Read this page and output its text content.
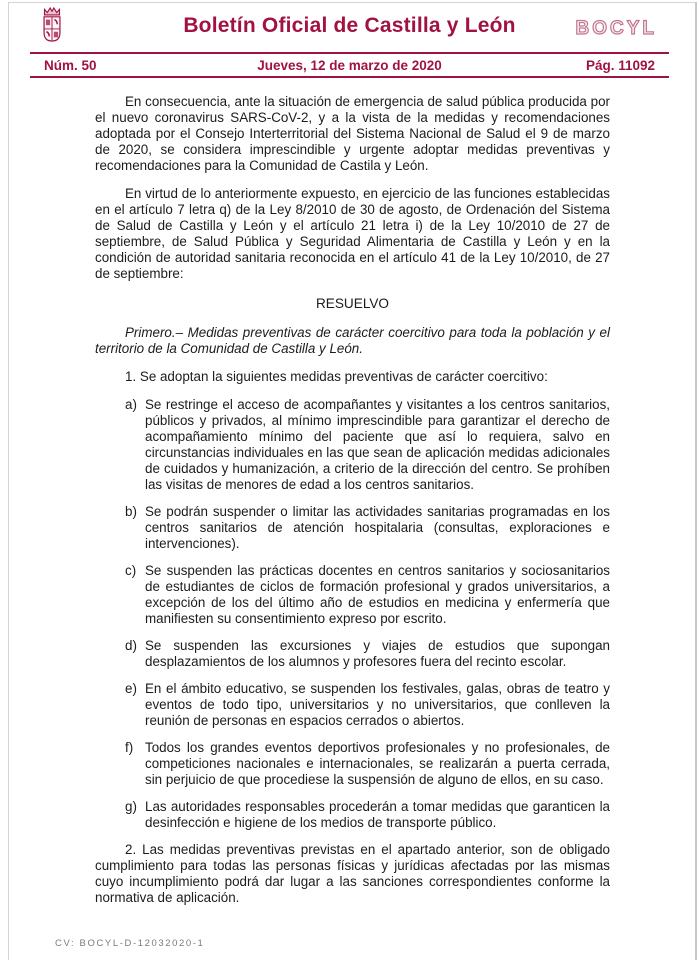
Boletín Oficial de Castilla y León	BOCYL
Núm. 50	Jueves, 12 de marzo de 2020	Pág. 11092

En consecuencia, ante la situación de emergencia de salud pública producida por el nuevo coronavirus SARS-CoV-2, y a la vista de la medidas y recomendaciones adoptada por el Consejo Interterritorial del Sistema Nacional de Salud el 9 de marzo de 2020, se considera imprescindible y urgente adoptar medidas preventivas y recomendaciones para la Comunidad de Castila y León.

En virtud de lo anteriormente expuesto, en ejercicio de las funciones establecidas en el artículo 7 letra q) de la Ley 8/2010 de 30 de agosto, de Ordenación del Sistema de Salud de Castilla y León y el artículo 21 letra i) de la Ley 10/2010 de 27 de septiembre, de Salud Pública y Seguridad Alimentaria de Castilla y León y en la condición de autoridad sanitaria reconocida en el artículo 41 de la Ley 10/2010, de 27 de septiembre:

RESUELVO

Primero.– Medidas preventivas de carácter coercitivo para toda la población y el territorio de la Comunidad de Castilla y León.

1. Se adoptan la siguientes medidas preventivas de carácter coercitivo:

a) Se restringe el acceso de acompañantes y visitantes a los centros sanitarios, públicos y privados, al mínimo imprescindible para garantizar el derecho de acompañamiento mínimo del paciente que así lo requiera, salvo en circunstancias individuales en las que sean de aplicación medidas adicionales de cuidados y humanización, a criterio de la dirección del centro. Se prohíben las visitas de menores de edad a los centros sanitarios.
b) Se podrán suspender o limitar las actividades sanitarias programadas en los centros sanitarios de atención hospitalaria (consultas, exploraciones e intervenciones).
c) Se suspenden las prácticas docentes en centros sanitarios y sociosanitarios de estudiantes de ciclos de formación profesional y grados universitarios, a excepción de los del último año de estudios en medicina y enfermería que manifiesten su consentimiento expreso por escrito.
d) Se suspenden las excursiones y viajes de estudios que supongan desplazamientos de los alumnos y profesores fuera del recinto escolar.
e) En el ámbito educativo, se suspenden los festivales, galas, obras de teatro y eventos de todo tipo, universitarios y no universitarios, que conlleven la reunión de personas en espacios cerrados o abiertos.
f) Todos los grandes eventos deportivos profesionales y no profesionales, de competiciones nacionales e internacionales, se realizarán a puerta cerrada, sin perjuicio de que procediese la suspensión de alguno de ellos, en su caso.
g) Las autoridades responsables procederán a tomar medidas que garanticen la desinfección e higiene de los medios de transporte público.

2. Las medidas preventivas previstas en el apartado anterior, son de obligado cumplimiento para todas las personas físicas y jurídicas afectadas por las mismas cuyo incumplimiento podrá dar lugar a las sanciones correspondientes conforme la normativa de aplicación.

CV: BOCYL-D-12032020-1
